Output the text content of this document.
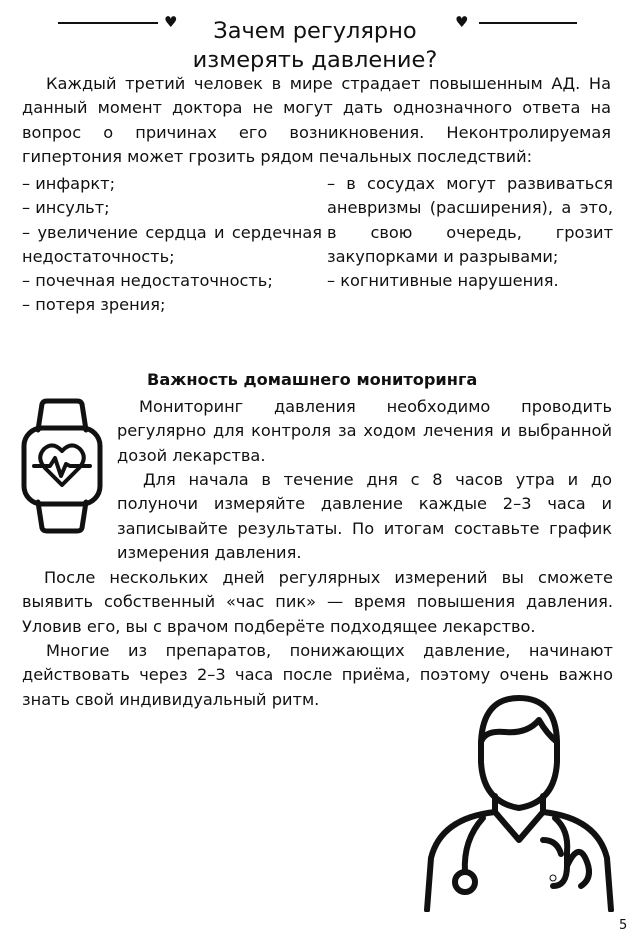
♥	Зачем регулярно
измерять давление?
♥

Каждый третий человек в мире страдает повышенным АД. На данный момент доктора не могут дать однозначного ответа на вопрос о причинах его возникновения. Неконтролируемая гипертония может грозить рядом печальных последствий:

– инфаркт;
– инсульт;
– увеличение сердца и сердечная недостаточность;
– почечная недостаточность;
– потеря зрения;
– в сосудах могут развиваться аневризмы (расширения), а это, в свою очередь, грозит закупорками и разрывами;
– когнитивные нарушения.
Важность домашнего мониторинга

Мониторинг давления необходимо проводить регулярно для контроля за ходом лечения и выбранной дозой лекарства.

Для начала в течение дня с 8 часов утра и до полуночи измеряйте давление каждые 2–3 часа и записывайте результаты. По итогам составьте график измерения давления.

После нескольких дней регулярных измерений вы сможете выявить собственный «час пик» — время повышения давления. Уловив его, вы с врачом подберёте подходящее лекарство.

Многие из препаратов, понижающих давление, начинают действовать через 2–3 часа после приёма, поэтому очень важно знать свой индивидуальный ритм.

5
